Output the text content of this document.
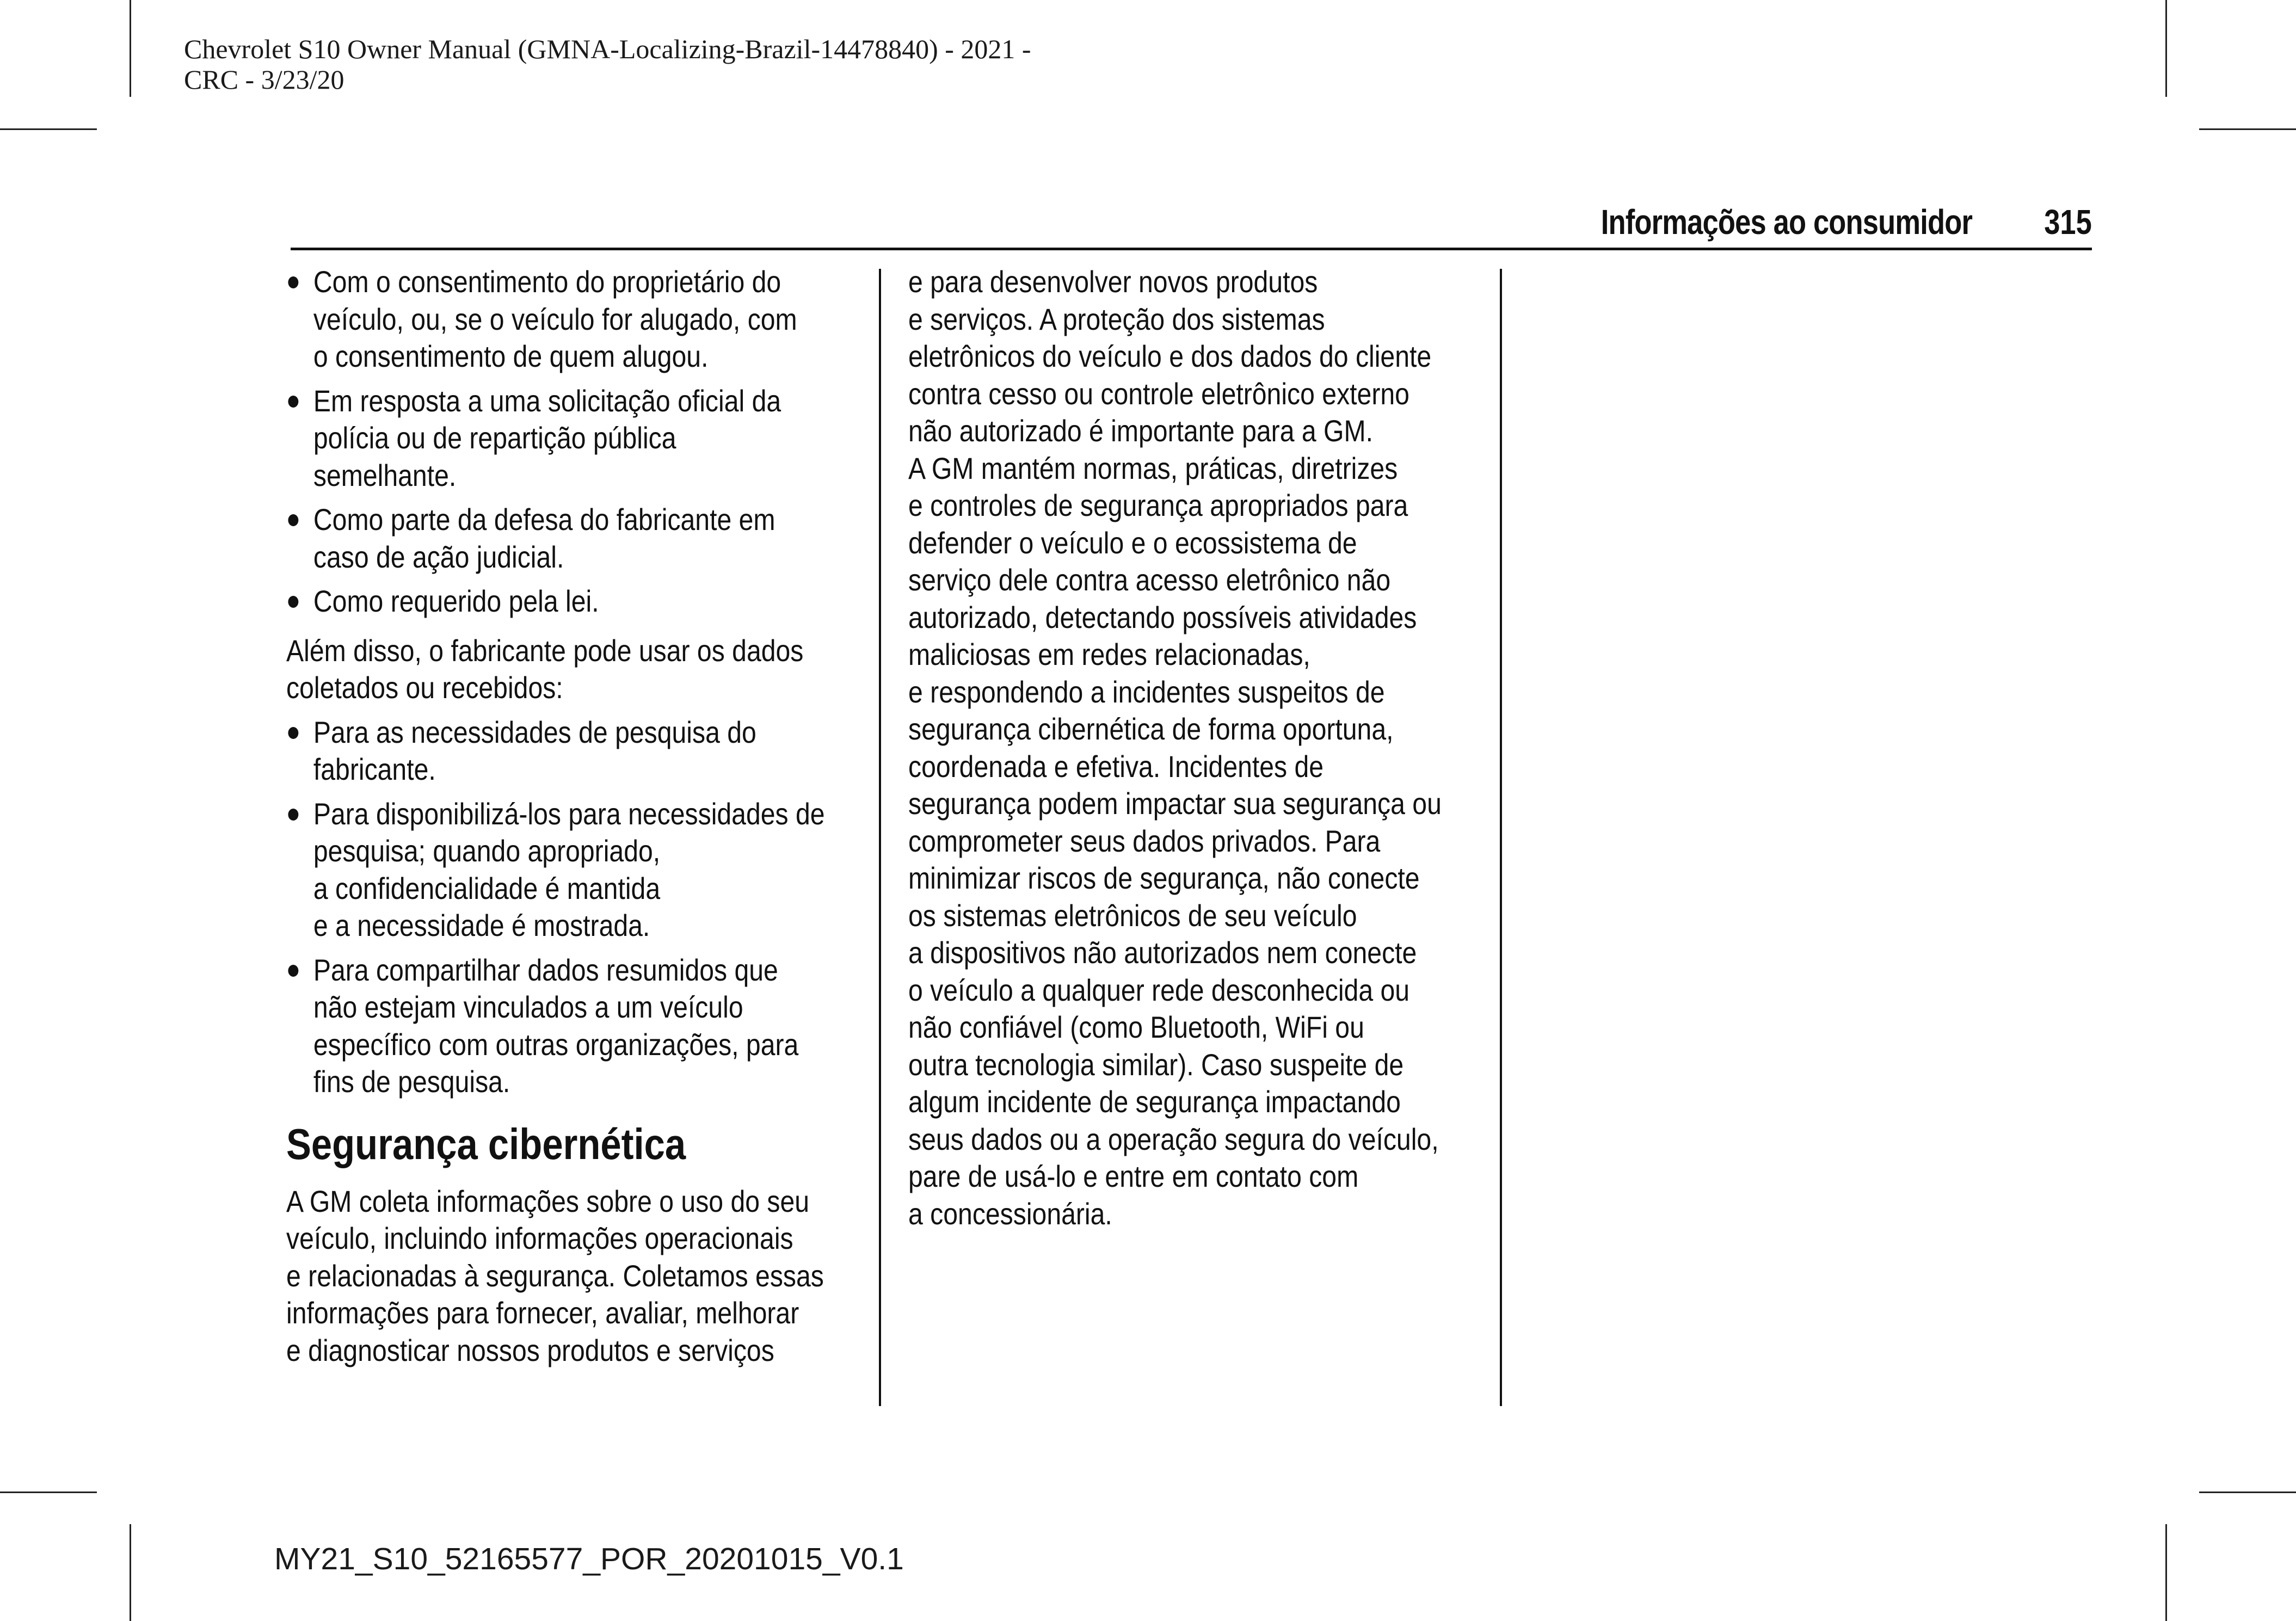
Chevrolet S10 Owner Manual (GMNA-Localizing-Brazil-14478840) - 2021 -
CRC - 3/23/20
Informações ao consumidor 315

Com o consentimento do proprietário do

veículo, ou, se o veículo for alugado, com

o consentimento de quem alugou.

Em resposta a uma solicitação oficial da

polícia ou de repartição pública

semelhante.

Como parte da defesa do fabricante em

caso de ação judicial.

Como requerido pela lei.

Além disso, o fabricante pode usar os dados

coletados ou recebidos:

Para as necessidades de pesquisa do

fabricante.

Para disponibilizá-los para necessidades de

pesquisa; quando apropriado,

a confidencialidade é mantida

e a necessidade é mostrada.

Para compartilhar dados resumidos que

não estejam vinculados a um veículo

específico com outras organizações, para

fins de pesquisa.

Segurança cibernética

A GM coleta informações sobre o uso do seu

veículo, incluindo informações operacionais

e relacionadas à segurança. Coletamos essas

informações para fornecer, avaliar, melhorar

e diagnosticar nossos produtos e serviços

e para desenvolver novos produtos

e serviços. A proteção dos sistemas

eletrônicos do veículo e dos dados do cliente

contra cesso ou controle eletrônico externo

não autorizado é importante para a GM.

A GM mantém normas, práticas, diretrizes

e controles de segurança apropriados para

defender o veículo e o ecossistema de

serviço dele contra acesso eletrônico não

autorizado, detectando possíveis atividades

maliciosas em redes relacionadas,

e respondendo a incidentes suspeitos de

segurança cibernética de forma oportuna,

coordenada e efetiva. Incidentes de

segurança podem impactar sua segurança ou

comprometer seus dados privados. Para

minimizar riscos de segurança, não conecte

os sistemas eletrônicos de seu veículo

a dispositivos não autorizados nem conecte

o veículo a qualquer rede desconhecida ou

não confiável (como Bluetooth, WiFi ou

outra tecnologia similar). Caso suspeite de

algum incidente de segurança impactando

seus dados ou a operação segura do veículo,

pare de usá-lo e entre em contato com

a concessionária.

MY21_S10_52165577_POR_20201015_V0.1
